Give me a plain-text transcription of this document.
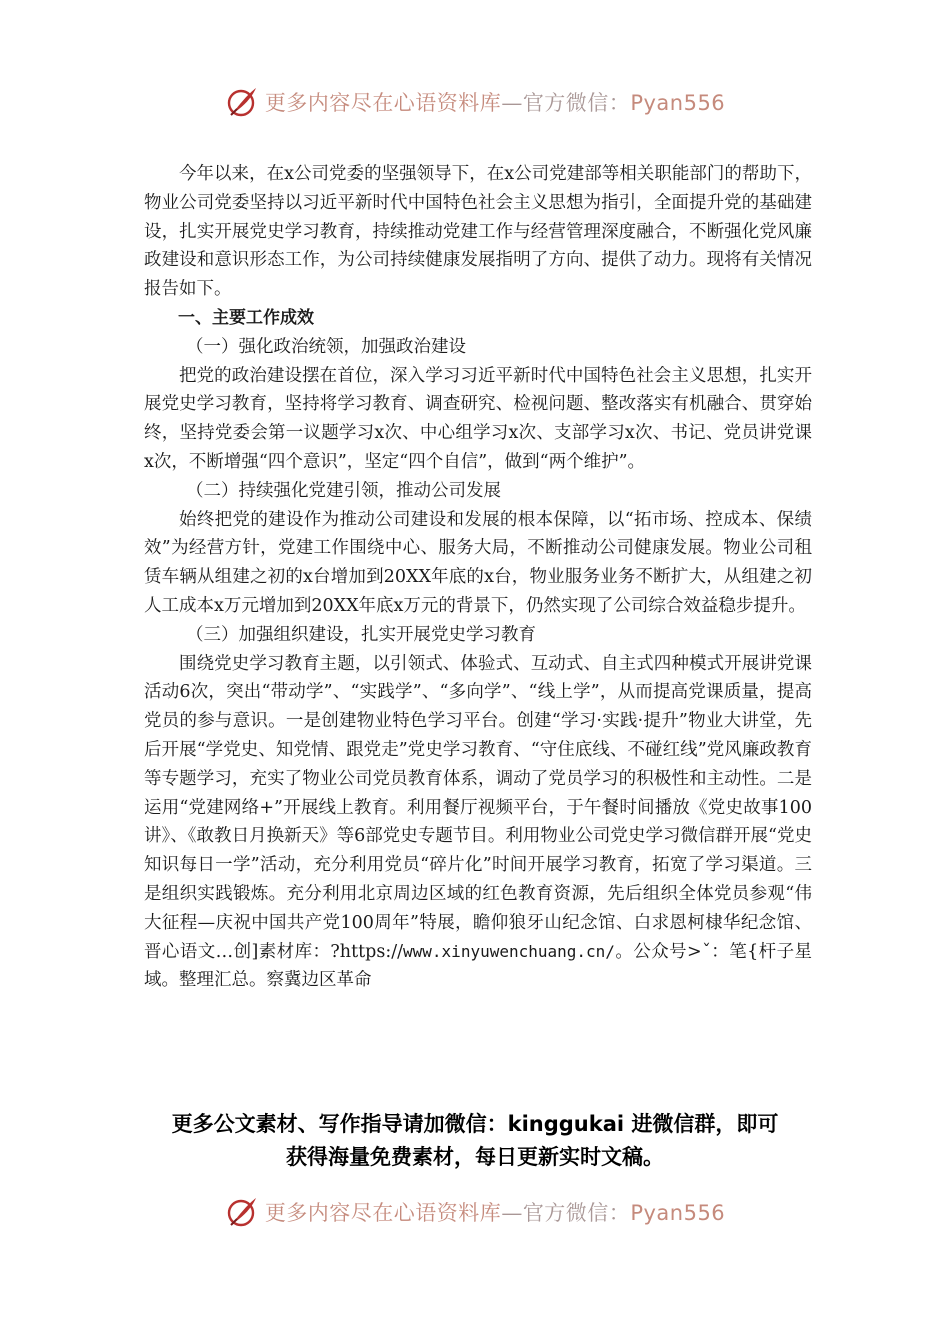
更多内容尽在心语资料库—官方微信：Pyan556

今年以来，在x公司党委的坚强领导下，在x公司党建部等相关职能部门的帮助下，物业公司党委坚持以习近平新时代中国特色社会主义思想为指引，全面提升党的基础建设，扎实开展党史学习教育，持续推动党建工作与经营管理深度融合，不断强化党风廉政建设和意识形态工作，为公司持续健康发展指明了方向、提供了动力。现将有关情况报告如下。

一、主要工作成效

（一）强化政治统领，加强政治建设

把党的政治建设摆在首位，深入学习习近平新时代中国特色社会主义思想，扎实开展党史学习教育，坚持将学习教育、调查研究、检视问题、整改落实有机融合、贯穿始终，坚持党委会第一议题学习x次、中心组学习x次、支部学习x次、书记、党员讲党课x次，不断增强“四个意识”，坚定“四个自信”，做到“两个维护”。

（二）持续强化党建引领，推动公司发展

始终把党的建设作为推动公司建设和发展的根本保障，以“拓市场、控成本、保绩效”为经营方针，党建工作围绕中心、服务大局，不断推动公司健康发展。物业公司租赁车辆从组建之初的x台增加到20XX年底的x台，物业服务业务不断扩大，从组建之初人工成本x万元增加到20XX年底x万元的背景下，仍然实现了公司综合效益稳步提升。

（三）加强组织建设，扎实开展党史学习教育

围绕党史学习教育主题，以引领式、体验式、互动式、自主式四种模式开展讲党课活动6次，突出“带动学”、“实践学”、“多向学”、“线上学”，从而提高党课质量，提高党员的参与意识。一是创建物业特色学习平台。创建“学习·实践·提升”物业大讲堂，先后开展“学党史、知党情、跟党走”党史学习教育、“守住底线、不碰红线”党风廉政教育等专题学习，充实了物业公司党员教育体系，调动了党员学习的积极性和主动性。二是运用“党建网络+”开展线上教育。利用餐厅视频平台，于午餐时间播放《党史故事100讲》、《敢教日月换新天》等6部党史专题节目。利用物业公司党史学习微信群开展“党史知识每日一学”活动，充分利用党员“碎片化”时间开展学习教育，拓宽了学习渠道。三是组织实践锻炼。充分利用北京周边区域的红色教育资源，先后组织全体党员参观“伟大征程—庆祝中国共产党100周年”特展，瞻仰狼牙山纪念馆、白求恩柯棣华纪念馆、晋心语文…创]素材库：?https://www.xinyuwenchuang.cn/。公众号>ˇ：笔{杆子星域。整理汇总。察冀边区革命

更多公文素材、写作指导请加微信：kinggukai 进微信群，即可
获得海量免费素材，每日更新实时文稿。
更多内容尽在心语资料库—官方微信：Pyan556
